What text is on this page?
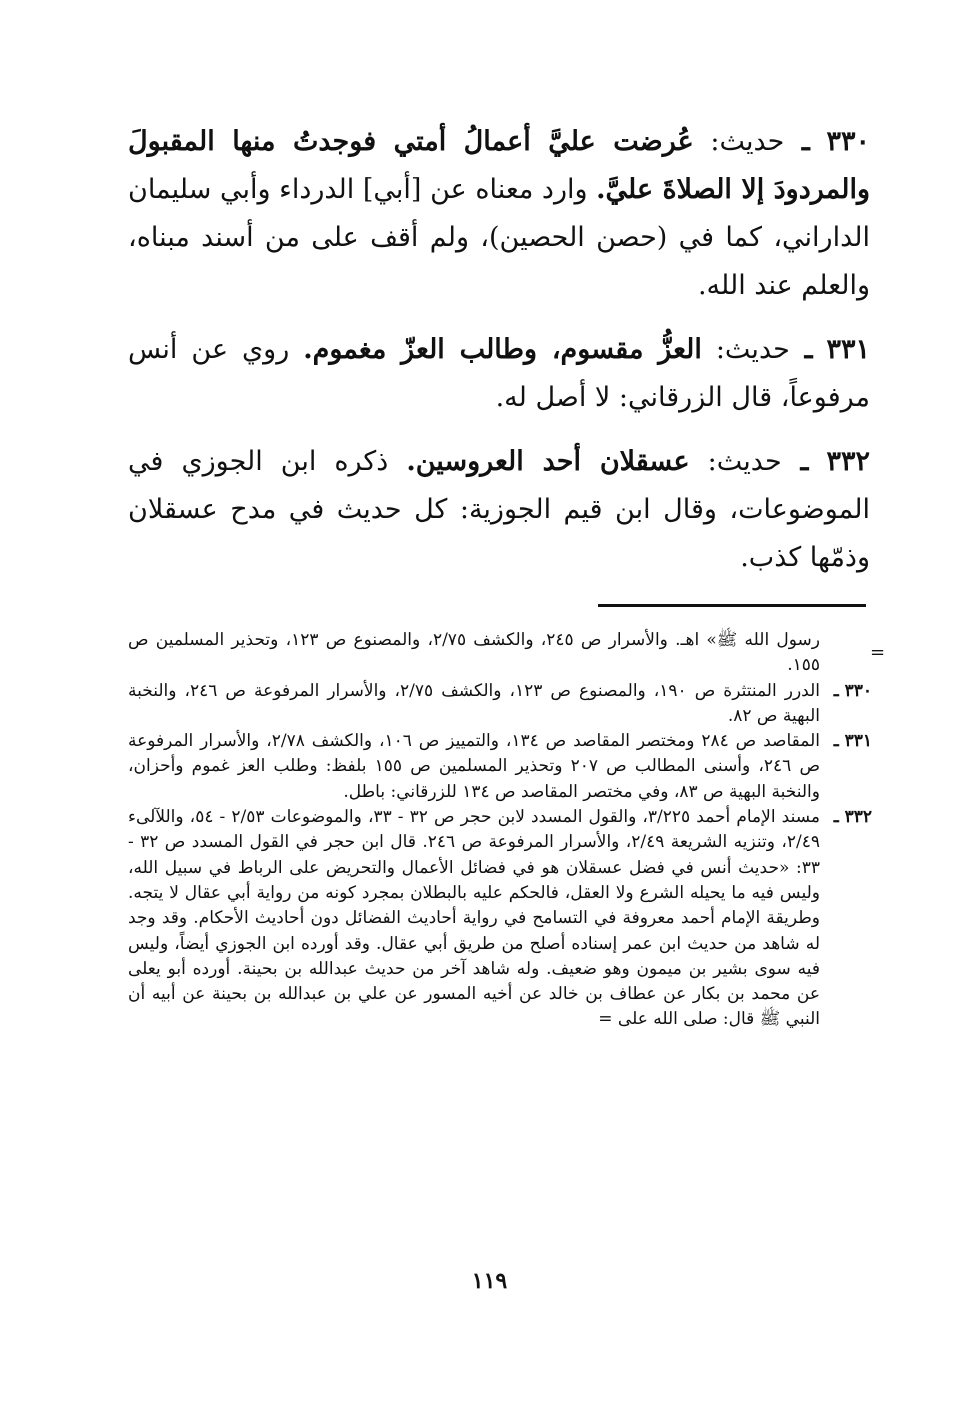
٣٣٠ ـ حديث: عُرضت عليَّ أعمالُ أمتي فوجدتُ منها المقبولَ والمردودَ إلا الصلاةَ عليَّ. وارد معناه عن [أبي] الدرداء وأبي سليمان الداراني، كما في (حصن الحصين)، ولم أقف على من أسند مبناه، والعلم عند الله.

٣٣١ ـ حديث: العزُّ مقسوم، وطالب العزّ مغموم. روي عن أنس مرفوعاً، قال الزرقاني: لا أصل له.

٣٣٢ ـ حديث: عسقلان أحد العروسين. ذكره ابن الجوزي في الموضوعات، وقال ابن قيم الجوزية: كل حديث في مدح عسقلان وذمّها كذب.

=
رسول الله ﷺ» اهـ. والأسرار ص ٢٤٥، والكشف ٢/٧٥، والمصنوع ص ١٢٣، وتحذير المسلمين ص ١٥٥.
٣٣٠ ـ
الدرر المنتثرة ص ١٩٠، والمصنوع ص ١٢٣، والكشف ٢/٧٥، والأسرار المرفوعة ص ٢٤٦، والنخبة البهية ص ٨٢.
٣٣١ ـ
المقاصد ص ٢٨٤ ومختصر المقاصد ص ١٣٤، والتمييز ص ١٠٦، والكشف ٢/٧٨، والأسرار المرفوعة ص ٢٤٦، وأسنى المطالب ص ٢٠٧ وتحذير المسلمين ص ١٥٥ بلفظ: وطلب العز غموم وأحزان، والنخبة البهية ص ٨٣، وفي مختصر المقاصد ص ١٣٤ للزرقاني: باطل.
٣٣٢ ـ
مسند الإمام أحمد ٣/٢٢٥، والقول المسدد لابن حجر ص ٣٢ - ٣٣، والموضوعات ٢/٥٣ - ٥٤، واللآلىء ٢/٤٩، وتنزيه الشريعة ٢/٤٩، والأسرار المرفوعة ص ٢٤٦. قال ابن حجر في القول المسدد ص ٣٢ - ٣٣: «حديث أنس في فضل عسقلان هو في فضائل الأعمال والتحريض على الرباط في سبيل الله، وليس فيه ما يحيله الشرع ولا العقل، فالحكم عليه بالبطلان بمجرد كونه من رواية أبي عقال لا يتجه. وطريقة الإمام أحمد معروفة في التسامح في رواية أحاديث الفضائل دون أحاديث الأحكام. وقد وجد له شاهد من حديث ابن عمر إسناده أصلح من طريق أبي عقال. وقد أورده ابن الجوزي أيضاً، وليس فيه سوى بشير بن ميمون وهو ضعيف. وله شاهد آخر من حديث عبدالله بن بحينة. أورده أبو يعلى عن محمد بن بكار عن عطاف بن خالد عن أخيه المسور عن علي بن عبدالله بن بحينة عن أبيه أن النبي ﷺ قال: صلى الله على =
١١٩
